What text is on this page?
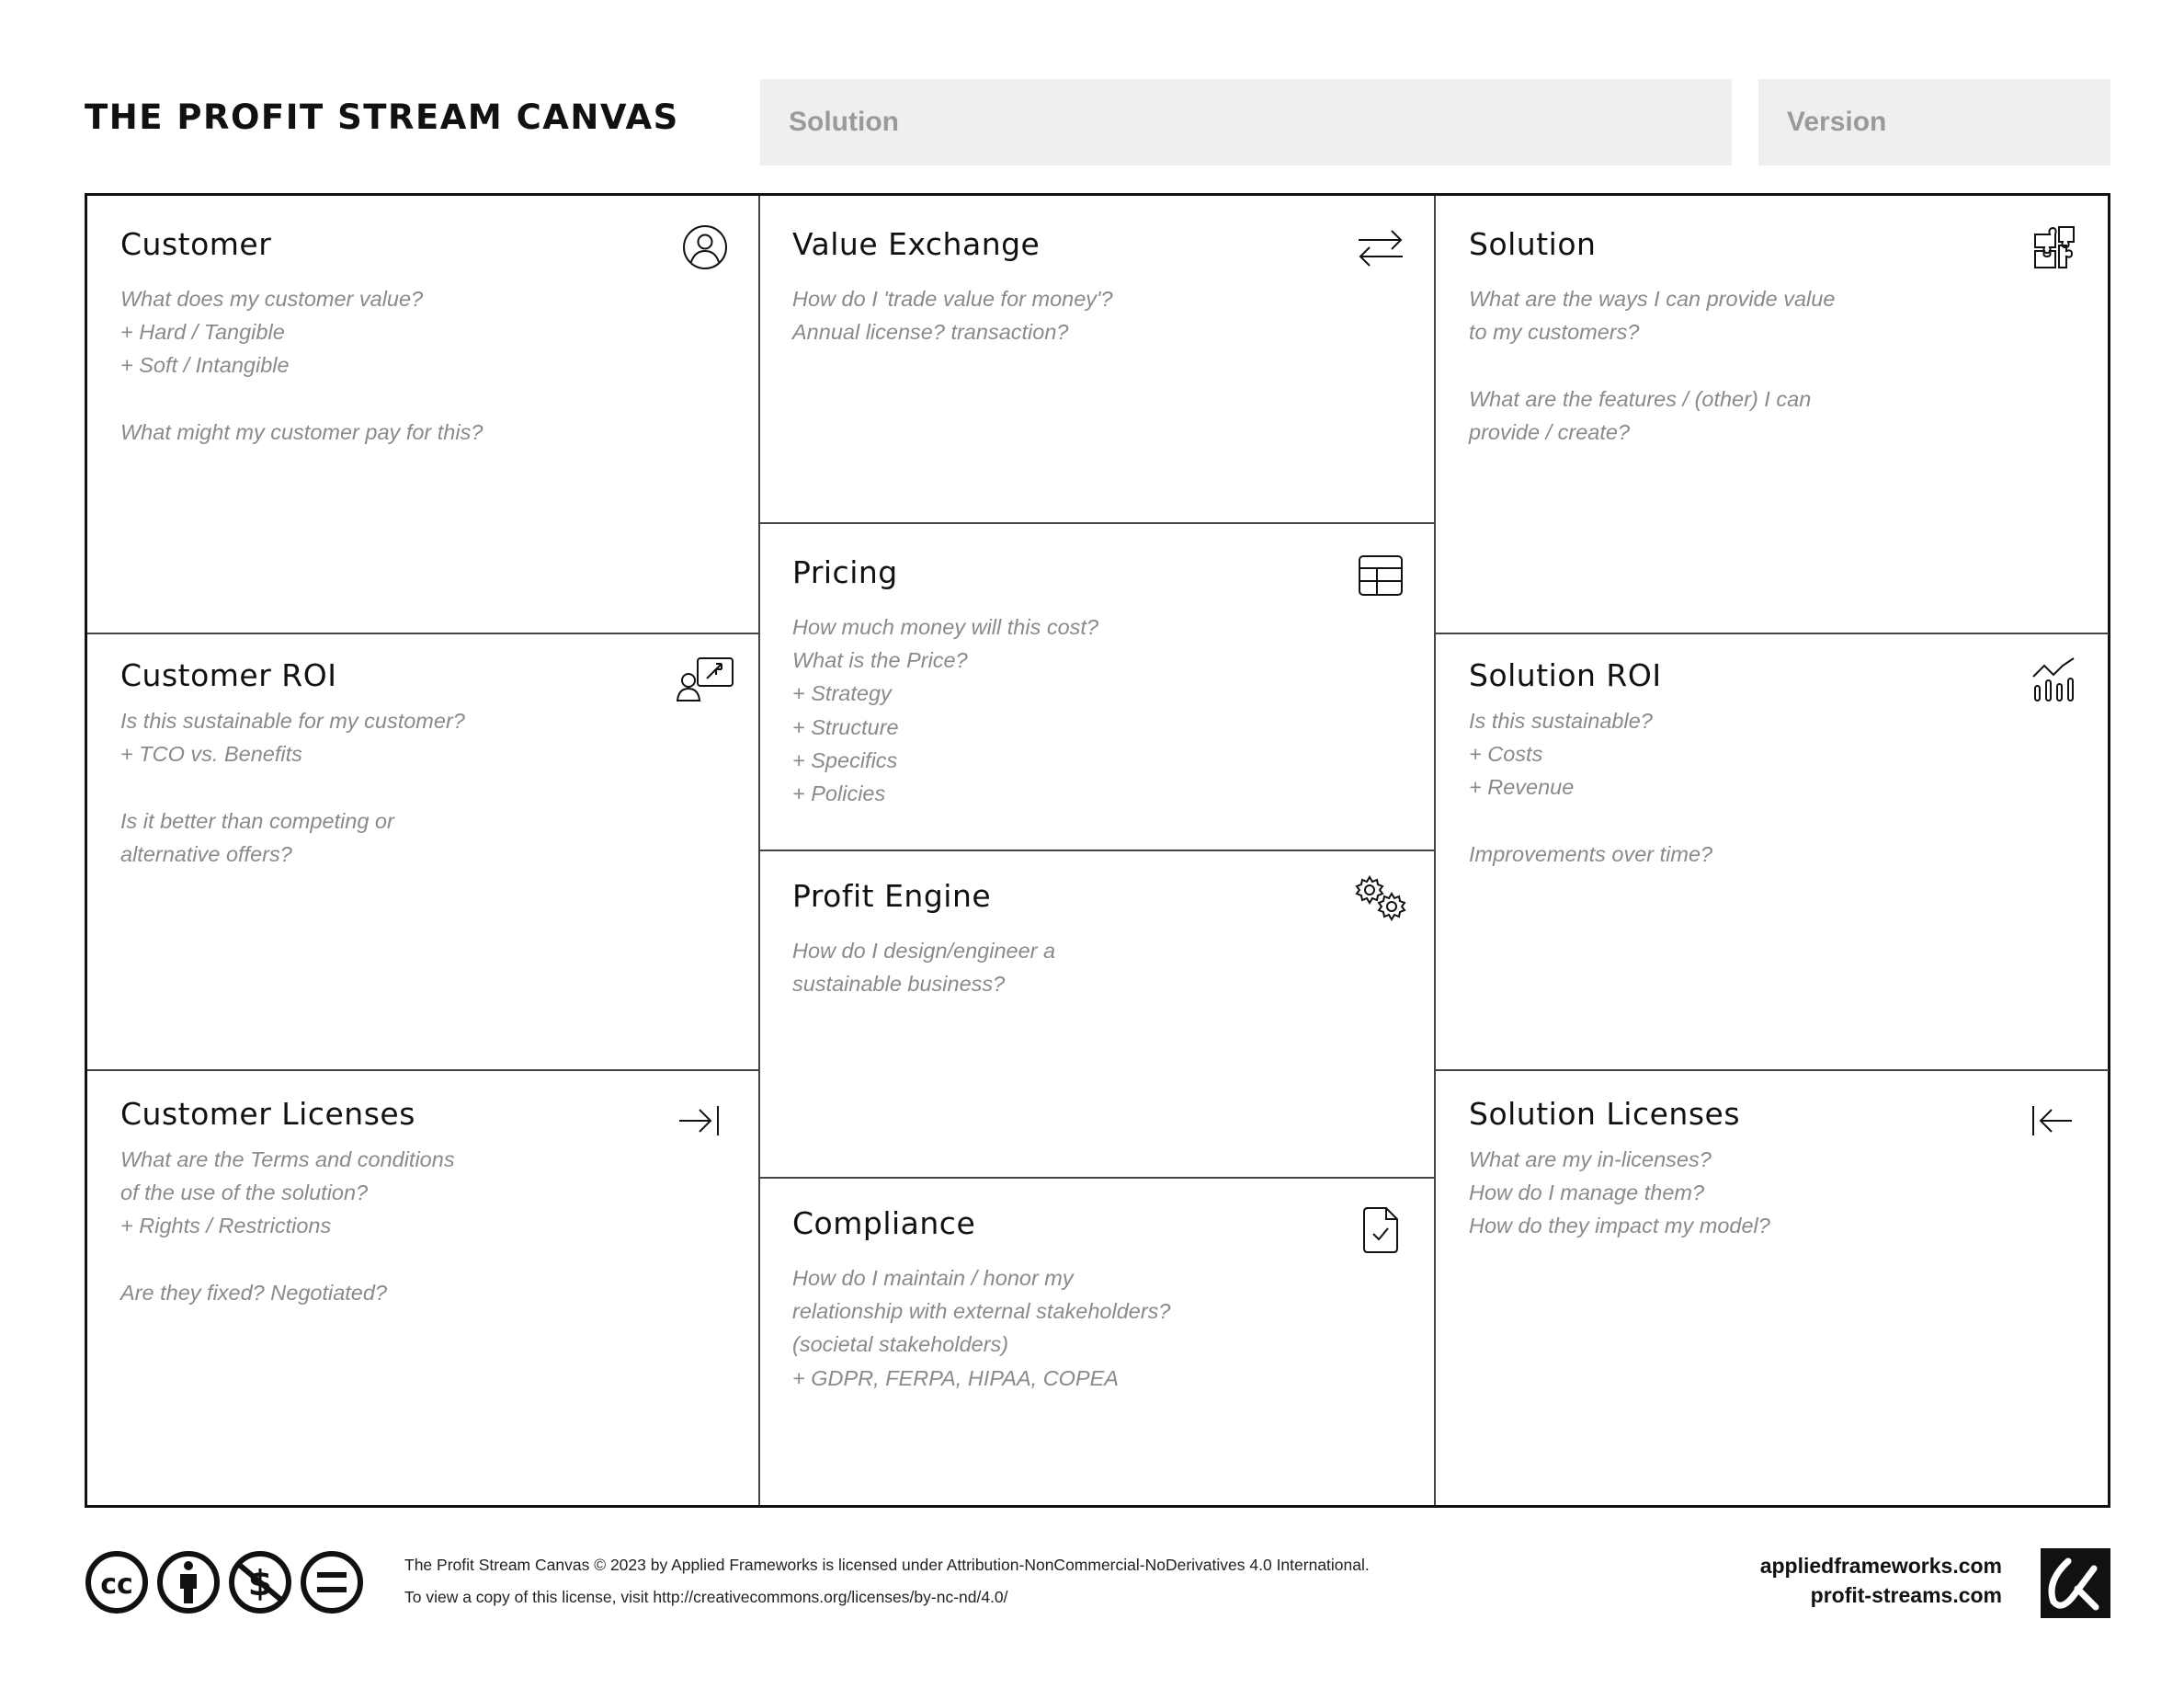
THE PROFIT STREAM CANVAS
Solution
Version
Customer
What does my customer value?
+ Hard / Tangible
+ Soft / Intangible

What might my customer pay for this?
Customer ROI
Is this sustainable for my customer?
+ TCO vs. Benefits

Is it better than competing or
alternative offers?
Customer Licenses
What are the Terms and conditions
of the use of the solution?
+ Rights / Restrictions

Are they fixed? Negotiated?
Value Exchange
How do I 'trade value for money'?
Annual license? transaction?
Pricing
How much money will this cost?
What is the Price?
+ Strategy
+ Structure
+ Specifics
+ Policies
Profit Engine
How do I design/engineer a
sustainable business?
Compliance
How do I maintain / honor my
relationship with external stakeholders?
(societal stakeholders)
+ GDPR, FERPA, HIPAA, COPEA
Solution
What are the ways I can provide value
to my customers?

What are the features / (other) I can
provide / create?
Solution ROI
Is this sustainable?
+ Costs
+ Revenue

Improvements over time?
Solution Licenses
What are my in-licenses?
How do I manage them?
How do they impact my model?
cc	$	The Profit Stream Canvas © 2023 by Applied Frameworks is licensed under Attribution-NonCommercial-NoDerivatives 4.0 International.
To view a copy of this license, visit http://creativecommons.org/licenses/by-nc-nd/4.0/
appliedframeworks.com
profit-streams.com
